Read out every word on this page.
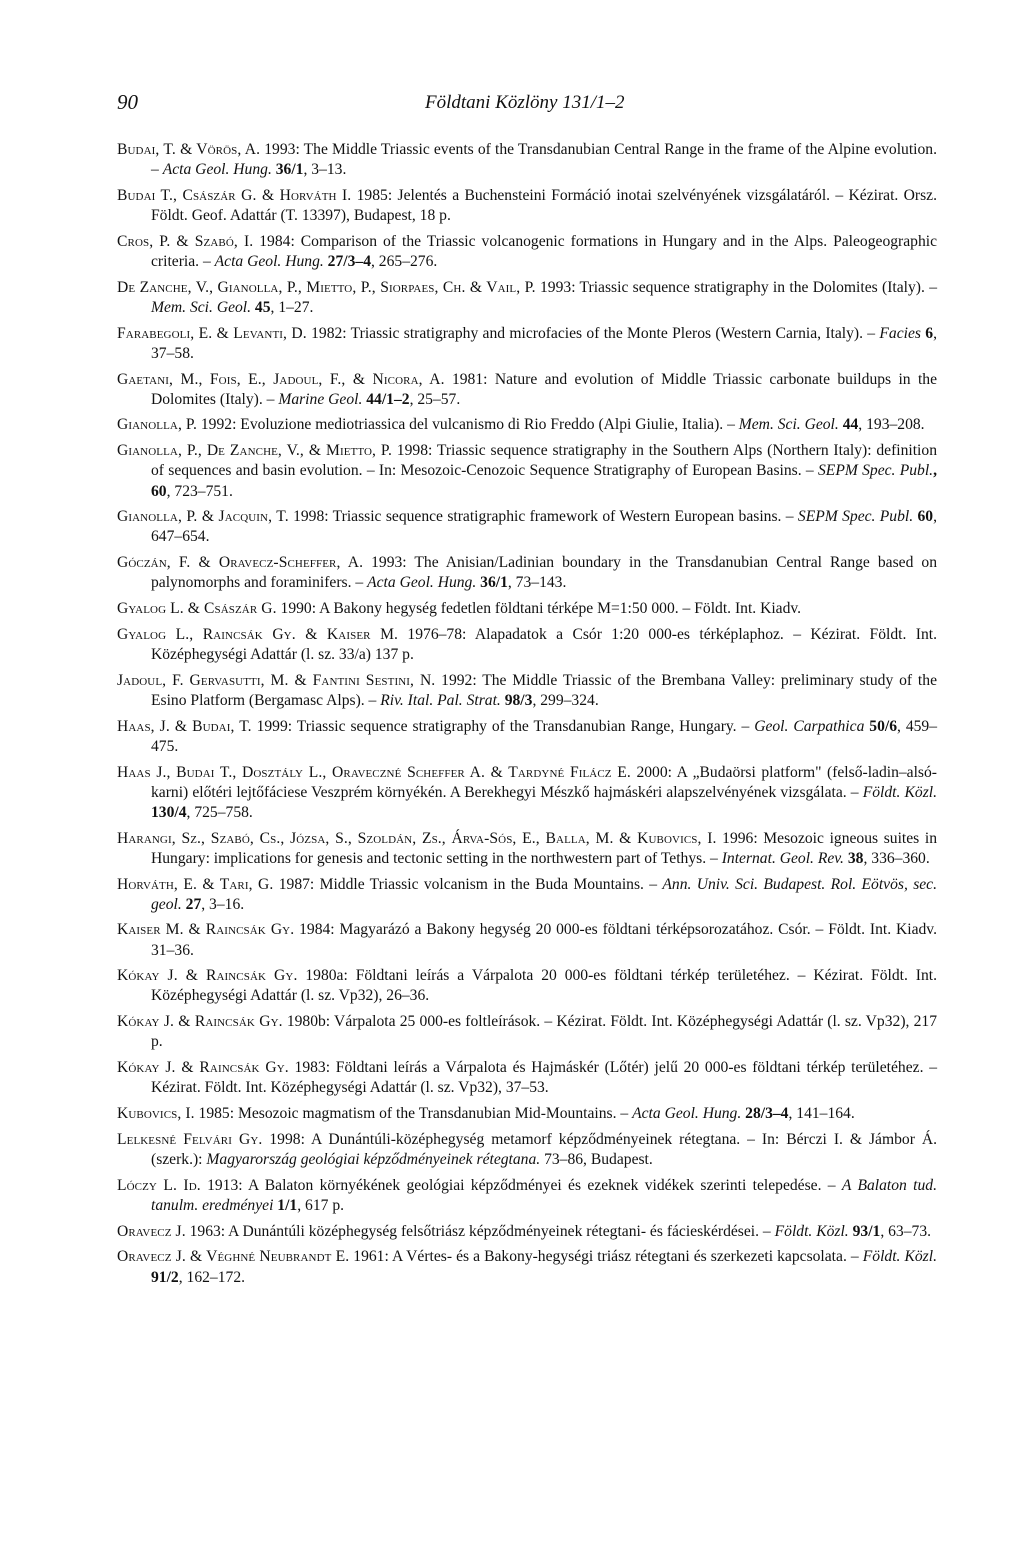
90	Földtani Közlöny 131/1–2

Budai, T. & Vörös, A. 1993: The Middle Triassic events of the Transdanubian Central Range in the frame of the Alpine evolution. – Acta Geol. Hung. 36/1, 3–13.

Budai T., Császár G. & Horváth I. 1985: Jelentés a Buchensteini Formáció inotai szelvényének vizsgálatáról. – Kézirat. Orsz. Földt. Geof. Adattár (T. 13397), Budapest, 18 p.

Cros, P. & Szabó, I. 1984: Comparison of the Triassic volcanogenic formations in Hungary and in the Alps. Paleogeographic criteria. – Acta Geol. Hung. 27/3–4, 265–276.

De Zanche, V., Gianolla, P., Mietto, P., Siorpaes, Ch. & Vail, P. 1993: Triassic sequence stratigraphy in the Dolomites (Italy). – Mem. Sci. Geol. 45, 1–27.

Farabegoli, E. & Levanti, D. 1982: Triassic stratigraphy and microfacies of the Monte Pleros (Western Carnia, Italy). – Facies 6, 37–58.

Gaetani, M., Fois, E., Jadoul, F., & Nicora, A. 1981: Nature and evolution of Middle Triassic carbonate buildups in the Dolomites (Italy). – Marine Geol. 44/1–2, 25–57.

Gianolla, P. 1992: Evoluzione mediotriassica del vulcanismo di Rio Freddo (Alpi Giulie, Italia). – Mem. Sci. Geol. 44, 193–208.

Gianolla, P., De Zanche, V., & Mietto, P. 1998: Triassic sequence stratigraphy in the Southern Alps (Northern Italy): definition of sequences and basin evolution. – In: Mesozoic-Cenozoic Sequence Stratigraphy of European Basins. – SEPM Spec. Publ., 60, 723–751.

Gianolla, P. & Jacquin, T. 1998: Triassic sequence stratigraphic framework of Western European basins. – SEPM Spec. Publ. 60, 647–654.

Góczán, F. & Oravecz-Scheffer, A. 1993: The Anisian/Ladinian boundary in the Transdanubian Central Range based on palynomorphs and foraminifers. – Acta Geol. Hung. 36/1, 73–143.

Gyalog L. & Császár G. 1990: A Bakony hegység fedetlen földtani térképe M=1:50 000. – Földt. Int. Kiadv.

Gyalog L., Raincsák Gy. & Kaiser M. 1976–78: Alapadatok a Csór 1:20 000-es térképlaphoz. – Kézirat. Földt. Int. Középhegységi Adattár (l. sz. 33/a) 137 p.

Jadoul, F. Gervasutti, M. & Fantini Sestini, N. 1992: The Middle Triassic of the Brembana Valley: preliminary study of the Esino Platform (Bergamasc Alps). – Riv. Ital. Pal. Strat. 98/3, 299–324.

Haas, J. & Budai, T. 1999: Triassic sequence stratigraphy of the Transdanubian Range, Hungary. – Geol. Carpathica 50/6, 459–475.

Haas J., Budai T., Dosztály L., Oraveczné Scheffer A. & Tardyné Filácz E. 2000: A „Budaörsi platform" (felső-ladin–alsó-karni) előtéri lejtőfáciese Veszprém környékén. A Berekhegyi Mészkő hajmáskéri alapszelvényének vizsgálata. – Földt. Közl. 130/4, 725–758.

Harangi, Sz., Szabó, Cs., Józsa, S., Szoldán, Zs., Árva-Sós, E., Balla, M. & Kubovics, I. 1996: Mesozoic igneous suites in Hungary: implications for genesis and tectonic setting in the northwestern part of Tethys. – Internat. Geol. Rev. 38, 336–360.

Horváth, E. & Tari, G. 1987: Middle Triassic volcanism in the Buda Mountains. – Ann. Univ. Sci. Budapest. Rol. Eötvös, sec. geol. 27, 3–16.

Kaiser M. & Raincsák Gy. 1984: Magyarázó a Bakony hegység 20 000-es földtani térképsorozatához. Csór. – Földt. Int. Kiadv. 31–36.

Kókay J. & Raincsák Gy. 1980a: Földtani leírás a Várpalota 20 000-es földtani térkép területéhez. – Kézirat. Földt. Int. Középhegységi Adattár (l. sz. Vp32), 26–36.

Kókay J. & Raincsák Gy. 1980b: Várpalota 25 000-es foltleírások. – Kézirat. Földt. Int. Középhegységi Adattár (l. sz. Vp32), 217 p.

Kókay J. & Raincsák Gy. 1983: Földtani leírás a Várpalota és Hajmáskér (Lőtér) jelű 20 000-es földtani térkép területéhez. – Kézirat. Földt. Int. Középhegységi Adattár (l. sz. Vp32), 37–53.

Kubovics, I. 1985: Mesozoic magmatism of the Transdanubian Mid-Mountains. – Acta Geol. Hung. 28/3–4, 141–164.

Lelkesné Felvári Gy. 1998: A Dunántúli-középhegység metamorf képződményeinek rétegtana. – In: Bérczi I. & Jámbor Á. (szerk.): Magyarország geológiai képződményeinek rétegtana. 73–86, Budapest.

Lóczy L. Id. 1913: A Balaton környékének geológiai képződményei és ezeknek vidékek szerinti telepedése. – A Balaton tud. tanulm. eredményei 1/1, 617 p.

Oravecz J. 1963: A Dunántúli középhegység felsőtriász képződményeinek rétegtani- és fácieskérdései. – Földt. Közl. 93/1, 63–73.

Oravecz J. & Véghné Neubrandt E. 1961: A Vértes- és a Bakony-hegységi triász rétegtani és szerkezeti kapcsolata. – Földt. Közl. 91/2, 162–172.
